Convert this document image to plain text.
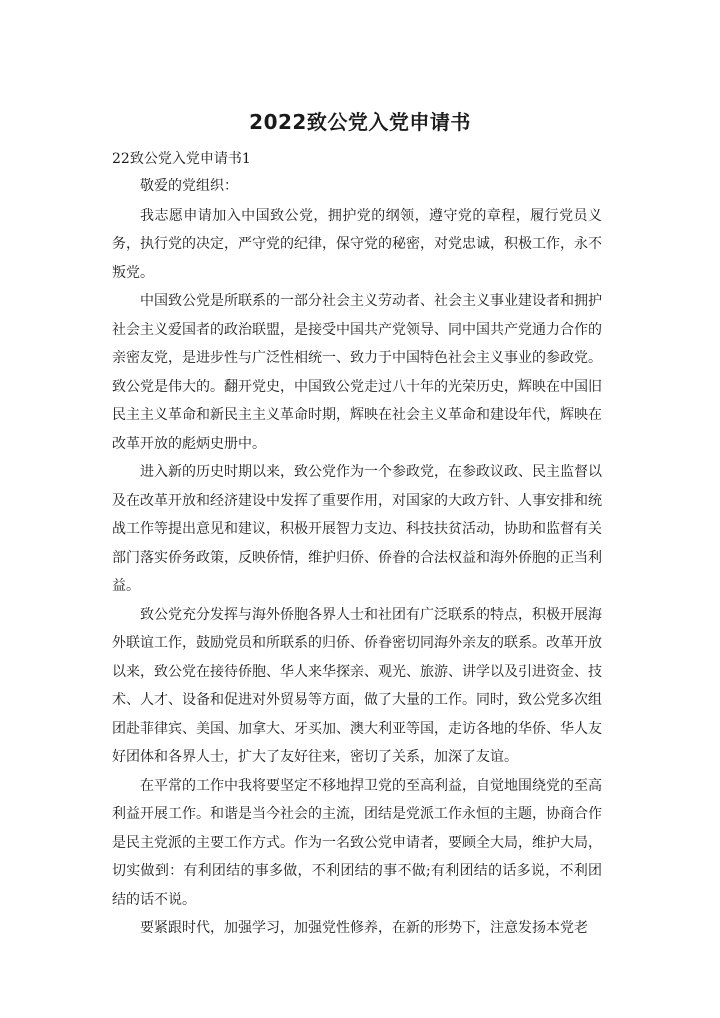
2022致公党入党申请书
22致公党入党申请书1

敬爱的党组织：

我志愿申请加入中国致公党，拥护党的纲领，遵守党的章程，履行党员义务，执行党的决定，严守党的纪律，保守党的秘密，对党忠诚，积极工作，永不叛党。

中国致公党是所联系的一部分社会主义劳动者、社会主义事业建设者和拥护社会主义爱国者的政治联盟，是接受中国共产党领导、同中国共产党通力合作的亲密友党，是进步性与广泛性相统一、致力于中国特色社会主义事业的参政党。致公党是伟大的。翻开党史，中国致公党走过八十年的光荣历史，辉映在中国旧民主主义革命和新民主主义革命时期，辉映在社会主义革命和建设年代，辉映在改革开放的彪炳史册中。

进入新的历史时期以来，致公党作为一个参政党，在参政议政、民主监督以及在改革开放和经济建设中发挥了重要作用，对国家的大政方针、人事安排和统战工作等提出意见和建议，积极开展智力支边、科技扶贫活动，协助和监督有关部门落实侨务政策，反映侨情，维护归侨、侨眷的合法权益和海外侨胞的正当利益。

致公党充分发挥与海外侨胞各界人士和社团有广泛联系的特点，积极开展海外联谊工作，鼓励党员和所联系的归侨、侨眷密切同海外亲友的联系。改革开放以来，致公党在接待侨胞、华人来华探亲、观光、旅游、讲学以及引进资金、技术、人才、设备和促进对外贸易等方面，做了大量的工作。同时，致公党多次组团赴菲律宾、美国、加拿大、牙买加、澳大利亚等国，走访各地的华侨、华人友好团体和各界人士，扩大了友好往来，密切了关系，加深了友谊。

在平常的工作中我将要坚定不移地捍卫党的至高利益，自觉地围绕党的至高利益开展工作。和谐是当今社会的主流，团结是党派工作永恒的主题，协商合作是民主党派的主要工作方式。作为一名致公党申请者，要顾全大局，维护大局，切实做到：有利团结的事多做，不利团结的事不做;有利团结的话多说，不利团结的话不说。

要紧跟时代，加强学习，加强党性修养，在新的形势下，注意发扬本党老
